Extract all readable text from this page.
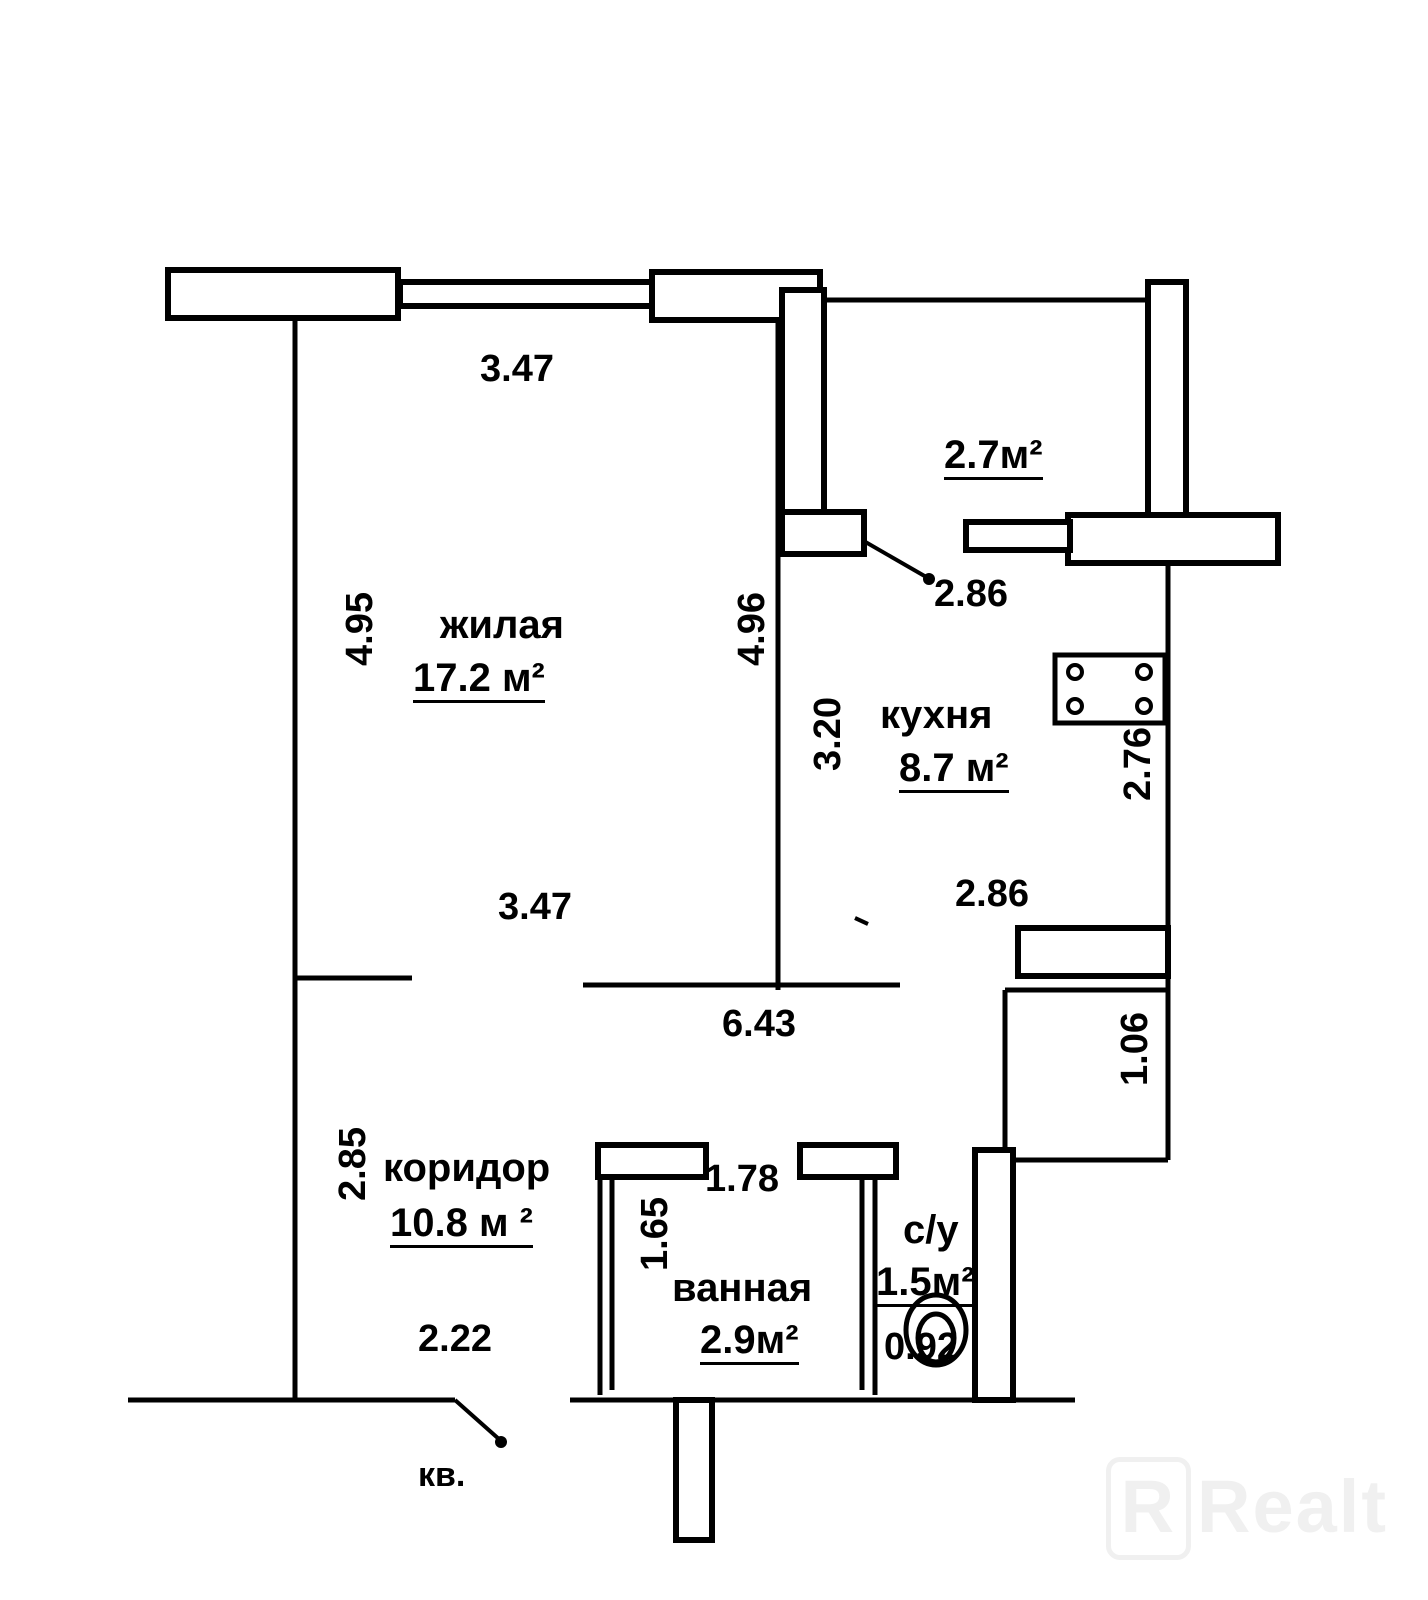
3.47
4.95 жилая
17.2 м²
4.96
3.47
2.7м²
2.86
3.20 кухня
8.7 м²	2.76
2.86
6.43	1.06
2.85 коридор
10.8 м ²
2.22
1.78
1.65
ванная
2.9м²
с/у
1.5м²
0.92
кв.	R Realt
